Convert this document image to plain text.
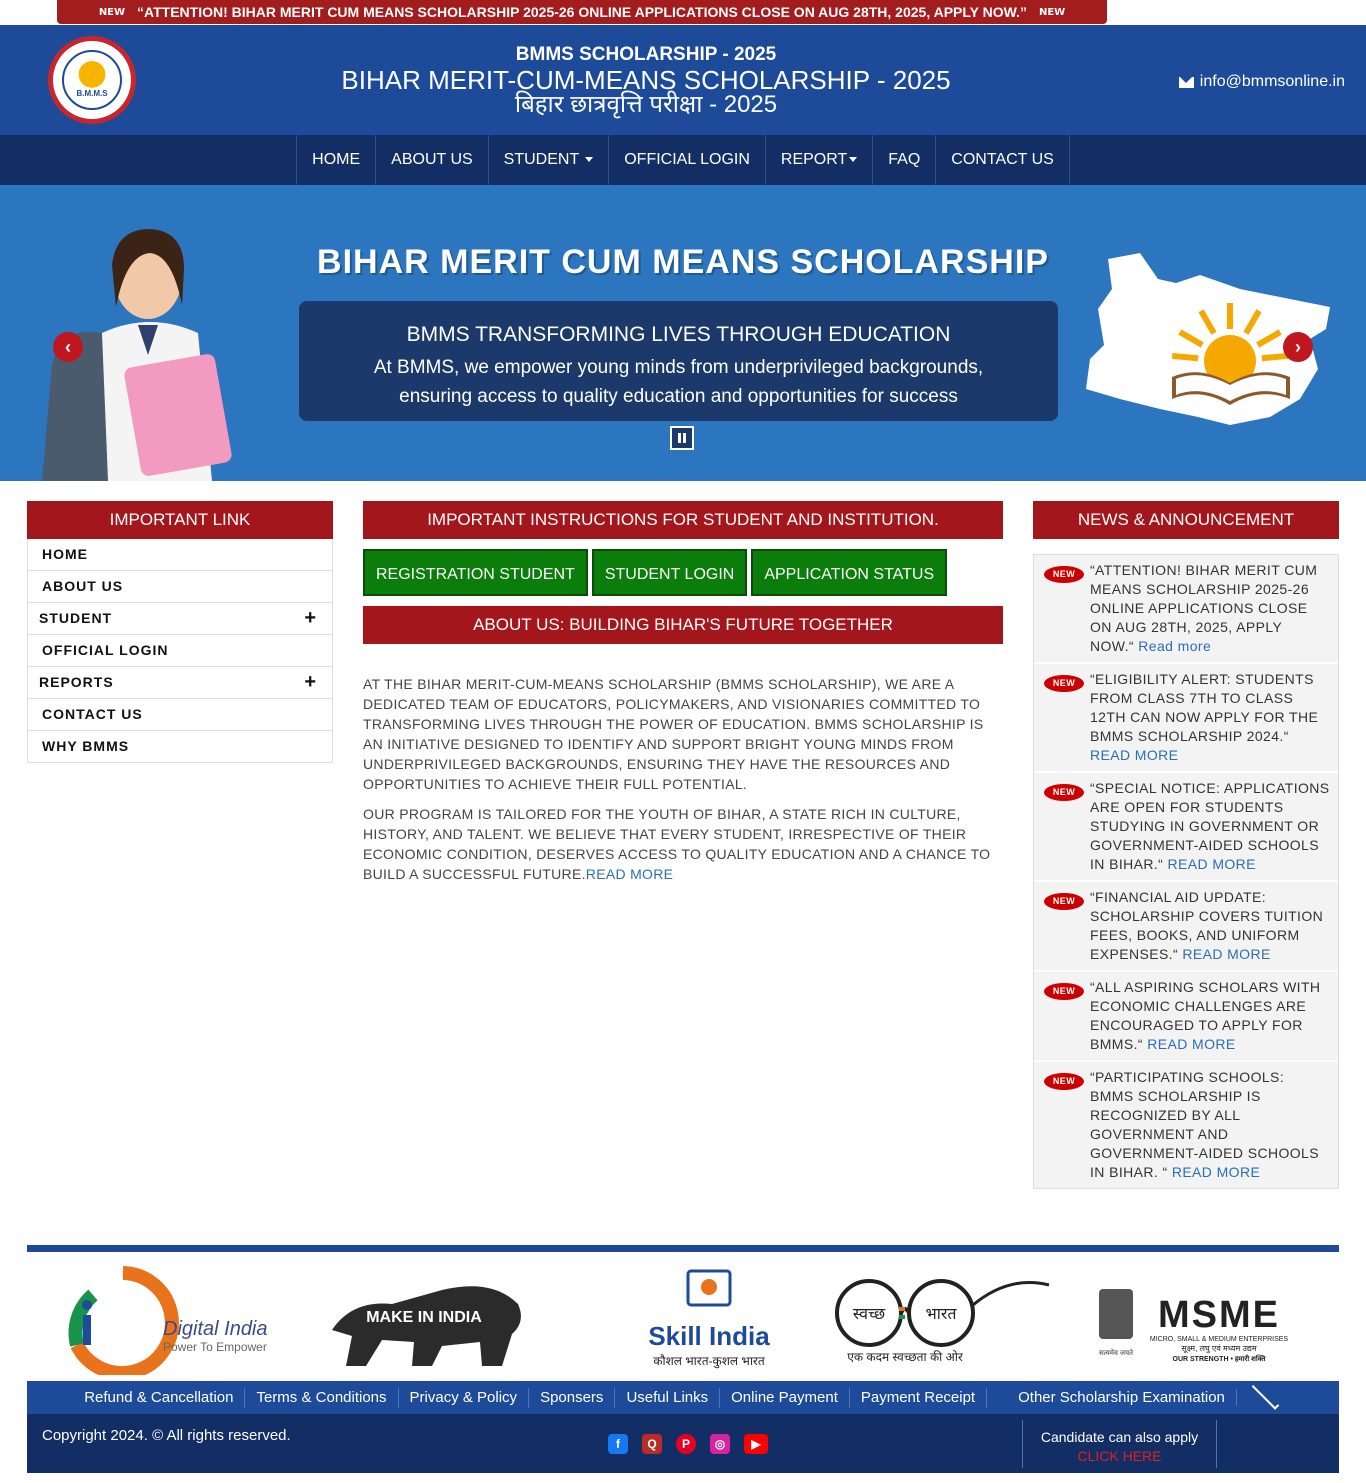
NEW “ATTENTION! BIHAR MERIT CUM MEANS SCHOLARSHIP 2025-26 ONLINE APPLICATIONS CLOSE ON AUG 28TH, 2025, APPLY NOW.” NEW
B.M.M.S
BMMS SCHOLARSHIP - 2025
BIHAR MERIT-CUM-MEANS SCHOLARSHIP - 2025
बिहार छात्रवृत्ति परीक्षा - 2025
info@bmmsonline.in
HOME	ABOUT US	STUDENT	OFFICIAL LOGIN	REPORT	FAQ	CONTACT US
BIHAR MERIT CUM MEANS SCHOLARSHIP
BMMS TRANSFORMING LIVES THROUGH EDUCATION
At BMMS, we empower young minds from underprivileged backgrounds,
ensuring access to quality education and opportunities for success
‹	›
IMPORTANT LINK
HOME
ABOUT US
STUDENT	+
OFFICIAL LOGIN
REPORTS	+
CONTACT US
WHY BMMS
IMPORTANT INSTRUCTIONS FOR STUDENT AND INSTITUTION.
REGISTRATION STUDENT	STUDENT LOGIN	APPLICATION STATUS
ABOUT US: BUILDING BIHAR'S FUTURE TOGETHER

AT THE BIHAR MERIT-CUM-MEANS SCHOLARSHIP (BMMS SCHOLARSHIP), WE ARE A DEDICATED TEAM OF EDUCATORS, POLICYMAKERS, AND VISIONARIES COMMITTED TO TRANSFORMING LIVES THROUGH THE POWER OF EDUCATION. BMMS SCHOLARSHIP IS AN INITIATIVE DESIGNED TO IDENTIFY AND SUPPORT BRIGHT YOUNG MINDS FROM UNDERPRIVILEGED BACKGROUNDS, ENSURING THEY HAVE THE RESOURCES AND OPPORTUNITIES TO ACHIEVE THEIR FULL POTENTIAL.

OUR PROGRAM IS TAILORED FOR THE YOUTH OF BIHAR, A STATE RICH IN CULTURE, HISTORY, AND TALENT. WE BELIEVE THAT EVERY STUDENT, IRRESPECTIVE OF THEIR ECONOMIC CONDITION, DESERVES ACCESS TO QUALITY EDUCATION AND A CHANCE TO BUILD A SUCCESSFUL FUTURE.READ MORE

NEWS & ANNOUNCEMENT
NEW	“ATTENTION! BIHAR MERIT CUM MEANS SCHOLARSHIP 2025-26 ONLINE APPLICATIONS CLOSE ON AUG 28TH, 2025, APPLY NOW.“ Read more
NEW	“ELIGIBILITY ALERT: STUDENTS FROM CLASS 7TH TO CLASS 12TH CAN NOW APPLY FOR THE BMMS SCHOLARSHIP 2024.“ READ MORE
NEW	“SPECIAL NOTICE: APPLICATIONS ARE OPEN FOR STUDENTS STUDYING IN GOVERNMENT OR GOVERNMENT-AIDED SCHOOLS IN BIHAR.“ READ MORE
NEW	“FINANCIAL AID UPDATE: SCHOLARSHIP COVERS TUITION FEES, BOOKS, AND UNIFORM EXPENSES.“ READ MORE
NEW	“ALL ASPIRING SCHOLARS WITH ECONOMIC CHALLENGES ARE ENCOURAGED TO APPLY FOR BMMS.“ READ MORE
NEW	“PARTICIPATING SCHOOLS: BMMS SCHOLARSHIP IS RECOGNIZED BY ALL GOVERNMENT AND GOVERNMENT-AIDED SCHOOLS IN BIHAR. “ READ MORE
Digital India
Power To Empower
MAKE IN INDIA
Skill India
कौशल भारत-कुशल भारत
स्वच्छ	भारत
एक कदम स्वच्छता की ओर	सत्यमेव जयते
MSME
MICRO, SMALL & MEDIUM ENTERPRISES
सूक्ष्म, लघु एवं मध्यम उद्यम
OUR STRENGTH • हमारी शक्ति
Refund & Cancellation	Terms & Conditions	Privacy & Policy	Sponsers	Useful Links	Online Payment	Payment Receipt	Other Scholarship Examination
Copyright 2024. © All rights reserved.	f	Q	P	◎	▶	Candidate can also apply
CLICK HERE
